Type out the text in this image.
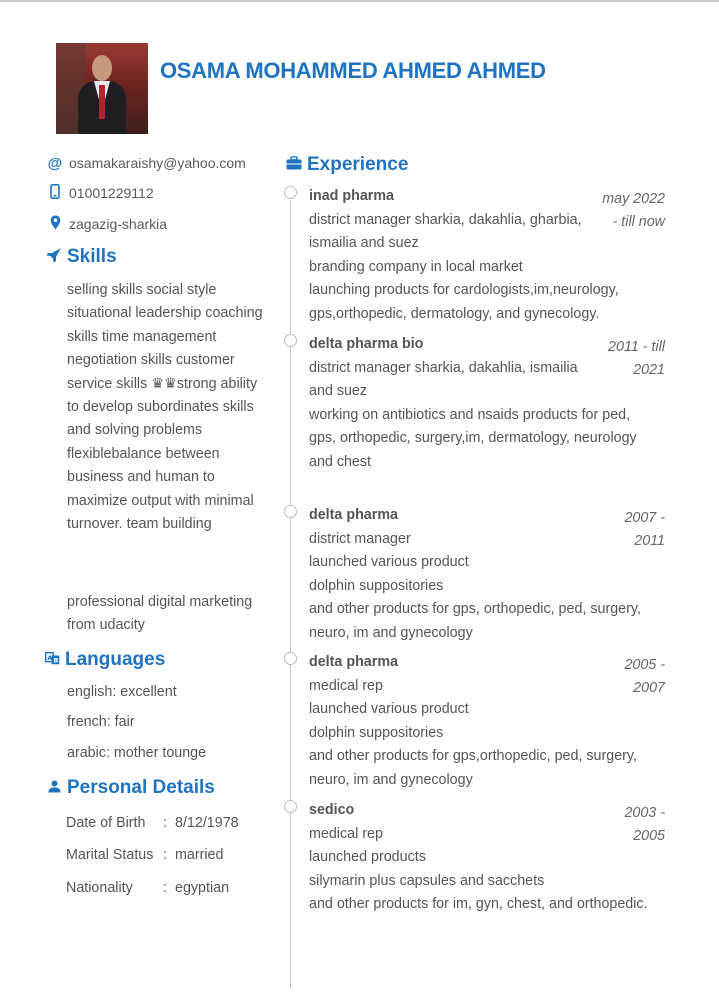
OSAMA MOHAMMED AHMED AHMED
@ osamakaraishy@yahoo.com
01001229112
zagazig-sharkia
Skills
selling skills social style situational leadership coaching skills time management negotiation skills customer service skills ♛♛strong ability to develop subordinates skills and solving problems flexiblebalance between business and human to maximize output with minimal turnover. team building
professional digital marketing from udacity
A B Languages
english: excellent
french: fair
arabic: mother tounge
Personal Details
Date of Birth	: 8/12/1978
Marital Status : married
Nationality	: egyptian
Experience
inad pharma	may 2022
- till now
district manager sharkia, dakahlia, gharbia, ismailia and suez
branding company in local market
launching products for cardologists,im,neurology, gps,orthopedic, dermatology, and gynecology.
delta pharma bio	2011 - till
2021
district manager sharkia, dakahlia, ismailia and suez
working on antibiotics and nsaids products for ped, gps, orthopedic, surgery,im, dermatology, neurology and chest
delta pharma	2007 -
2011
district manager
launched various product
dolphin suppositories
and other products for gps, orthopedic, ped, surgery, neuro, im and gynecology
delta pharma	2005 -
2007
medical rep
launched various product
dolphin suppositories
and other products for gps,orthopedic, ped, surgery, neuro, im and gynecology
sedico	2003 -
2005
medical rep
launched products
silymarin plus capsules and sacchets
and other products for im, gyn, chest, and orthopedic.
